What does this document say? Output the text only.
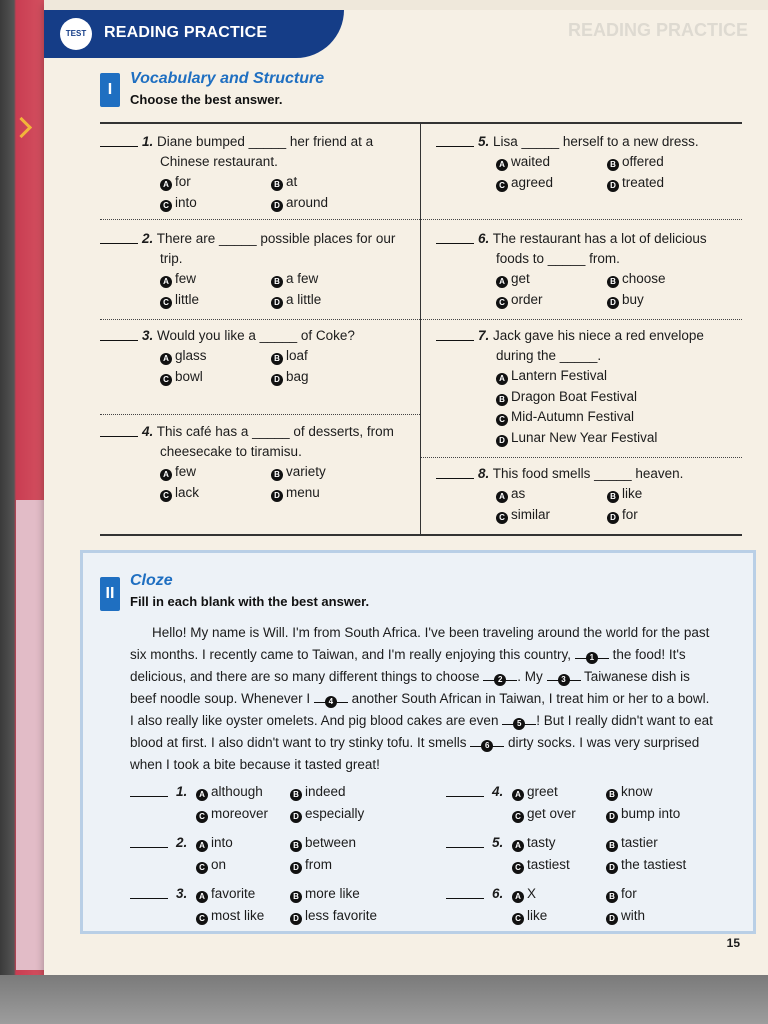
TEST	READING PRACTICE	READING PRACTICE
I
Vocabulary and Structure
Choose the best answer.
1. Diane bumped _____ her friend at a
Chinese restaurant.
A for	B at
C into	D around
2. There are _____ possible places for our
trip.
A few	B a few
C little	D a little
3. Would you like a _____ of Coke?
A glass	B loaf
C bowl	D bag
4. This café has a _____ of desserts, from
cheesecake to tiramisu.
A few	B variety
C lack	D menu
5. Lisa _____ herself to a new dress.
A waited	B offered
C agreed	D treated
6. The restaurant has a lot of delicious
foods to _____ from.
A get	B choose
C order	D buy
7. Jack gave his niece a red envelope
during the _____.
A Lantern Festival
B Dragon Boat Festival
C Mid-Autumn Festival
D Lunar New Year Festival
8. This food smells _____ heaven.
A as	B like
C similar	D for
II
Cloze
Fill in each blank with the best answer.
Hello! My name is Will. I'm from South Africa. I've been traveling around the world for the past
six months. I recently came to Taiwan, and I'm really enjoying this country, 1 the food! It's
delicious, and there are so many different things to choose 2 . My 3 Taiwanese dish is
beef noodle soup. Whenever I 4 another South African in Taiwan, I treat him or her to a bowl.
I also really like oyster omelets. And pig blood cakes are even 5 ! But I really didn't want to eat
blood at first. I also didn't want to try stinky tofu. It smells 6 dirty socks. I was very surprised
when I took a bite because it tasted great!
1.	A although	B indeed
C moreover	D especially
2.	A into	B between
C on	D from
3.	A favorite	B more like
C most like	D less favorite
4.	A greet	B know
C get over	D bump into
5.	A tasty	B tastier
C tastiest	D the tastiest
6.	A X	B for
C like	D with
15
